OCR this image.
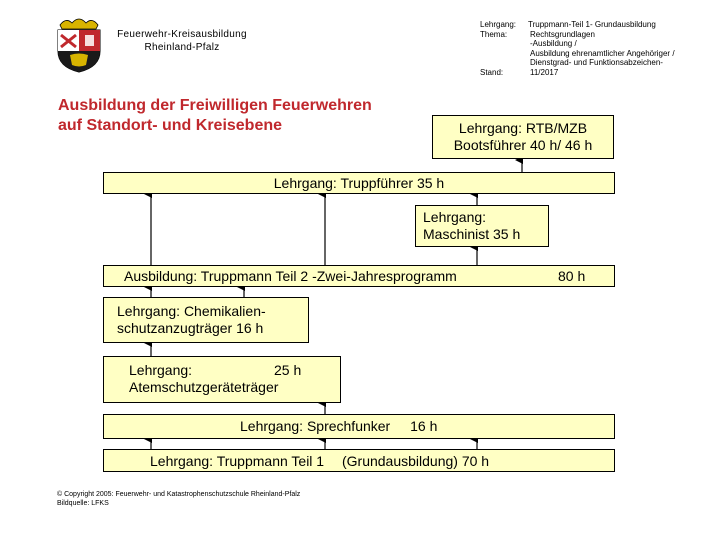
Feuerwehr-Kreisausbildung
Rheinland-Pfalz
Lehrgang:	Truppmann-Teil 1- Grundausbildung
Thema:	Rechtsgrundlagen
-Ausbildung /
Ausbildung ehrenamtlicher Angehöriger /
Dienstgrad- und Funktionsabzeichen-
Stand:	11/2017
Ausbildung der Freiwilligen Feuerwehren
auf Standort- und Kreisebene	Lehrgang: RTB/MZB
Bootsführer 40 h/ 46 h
Lehrgang: Truppführer 35 h
Lehrgang:
Maschinist 35 h
Ausbildung: Truppmann Teil 2 -Zwei-Jahresprogramm	80 h
Lehrgang: Chemikalien-
schutzanzugträger 16 h
Lehrgang:	25 h
Atemschutzgeräteträger
Lehrgang: Sprechfunker 16 h
Lehrgang: Truppmann Teil 1 (Grundausbildung) 70 h
© Copyright 2005: Feuerwehr- und Katastrophenschutzschule Rheinland-Pfalz
Bildquelle: LFKS
